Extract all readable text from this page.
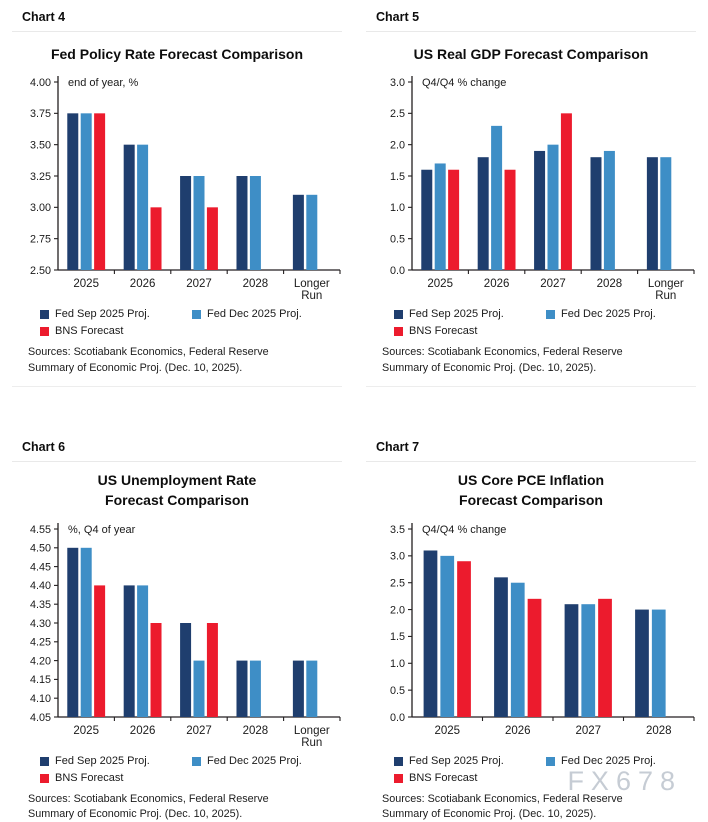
Chart 4
Fed Policy Rate Forecast Comparison
4.00
3.75
3.50
3.25
3.00
2.75
2.50
end of year, %
2025	2026	2027	2028 Longer Run
Fed Sep 2025 Proj.	Fed Dec 2025 Proj.
BNS Forecast
Sources: Scotiabank Economics, Federal Reserve
Summary of Economic Proj. (Dec. 10, 2025).
Chart 5
US Real GDP Forecast Comparison
3.0
2.5
2.0
1.5
1.0
0.5
0.0
Q4/Q4 % change
2025	2026	2027	2028 Longer Run
Fed Sep 2025 Proj.	Fed Dec 2025 Proj.
BNS Forecast
Sources: Scotiabank Economics, Federal Reserve
Summary of Economic Proj. (Dec. 10, 2025).
Chart 6
US Unemployment Rate
Forecast Comparison
4.55
4.50
4.45
4.40
4.35
4.30
4.25
4.20
4.15
4.10
4.05
%, Q4 of year
2025	2026	2027	2028 Longer Run
Fed Sep 2025 Proj.	Fed Dec 2025 Proj.
BNS Forecast
Sources: Scotiabank Economics, Federal Reserve
Summary of Economic Proj. (Dec. 10, 2025).
Chart 7
US Core PCE Inflation
Forecast Comparison
3.5
3.0
2.5
2.0
1.5
1.0
0.5
0.0
Q4/Q4 % change
2025	2026	2027	2028
Fed Sep 2025 Proj.	Fed Dec 2025 Proj.
BNS Forecast
Sources: Scotiabank Economics, Federal Reserve
Summary of Economic Proj. (Dec. 10, 2025).
FX678
